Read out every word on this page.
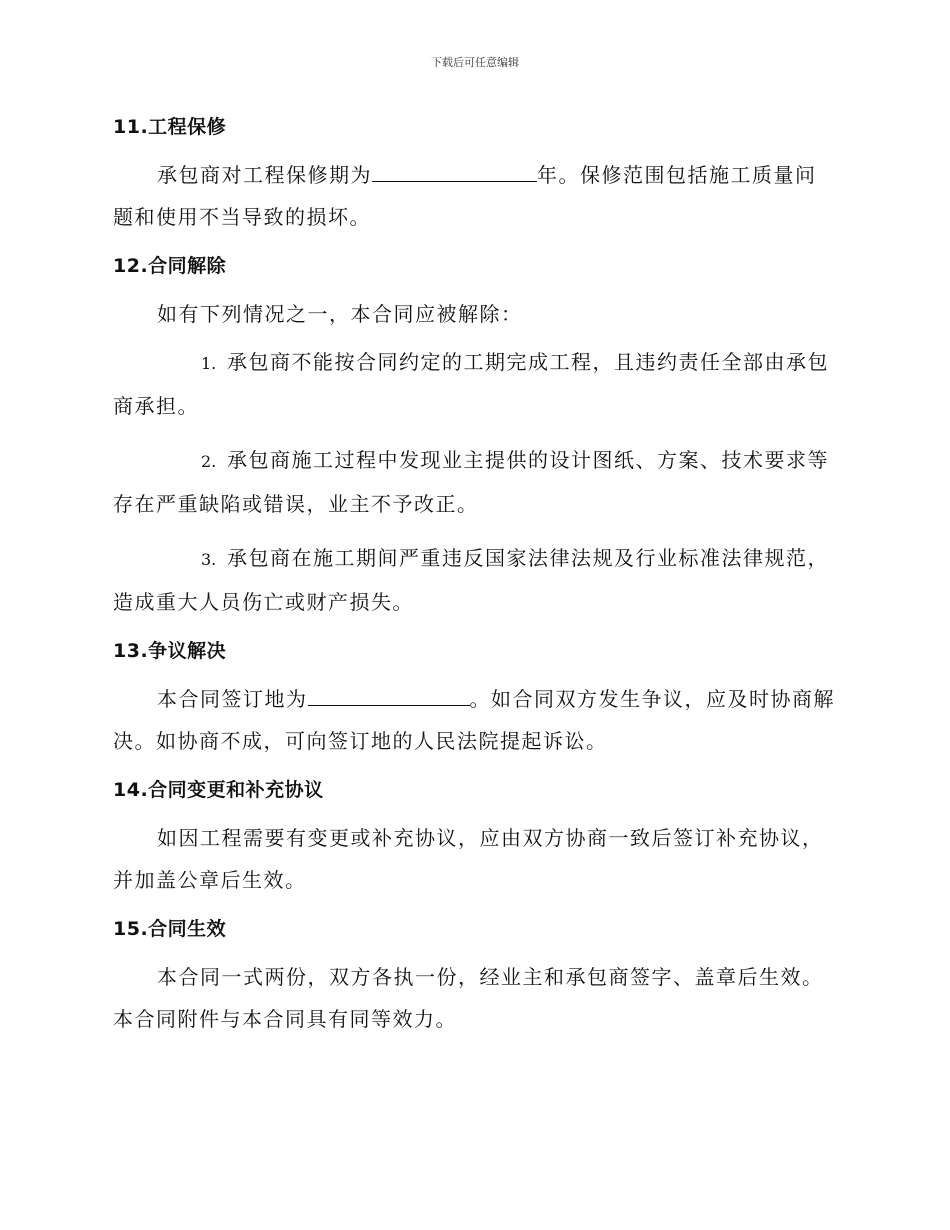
下载后可任意编辑
11.工程保修

承包商对工程保修期为	年。保修范围包括施工质量问题和使用不当导致的损坏。

12.合同解除

如有下列情况之一，本合同应被解除：

1. 承包商不能按合同约定的工期完成工程，且违约责任全部由承包商承担。

2. 承包商施工过程中发现业主提供的设计图纸、方案、技术要求等存在严重缺陷或错误，业主不予改正。

3. 承包商在施工期间严重违反国家法律法规及行业标准法律规范，造成重大人员伤亡或财产损失。

13.争议解决

本合同签订地为	。如合同双方发生争议，应及时协商解决。如协商不成，可向签订地的人民法院提起诉讼。

14.合同变更和补充协议

如因工程需要有变更或补充协议，应由双方协商一致后签订补充协议，并加盖公章后生效。

15.合同生效

本合同一式两份，双方各执一份，经业主和承包商签字、盖章后生效。本合同附件与本合同具有同等效力。
